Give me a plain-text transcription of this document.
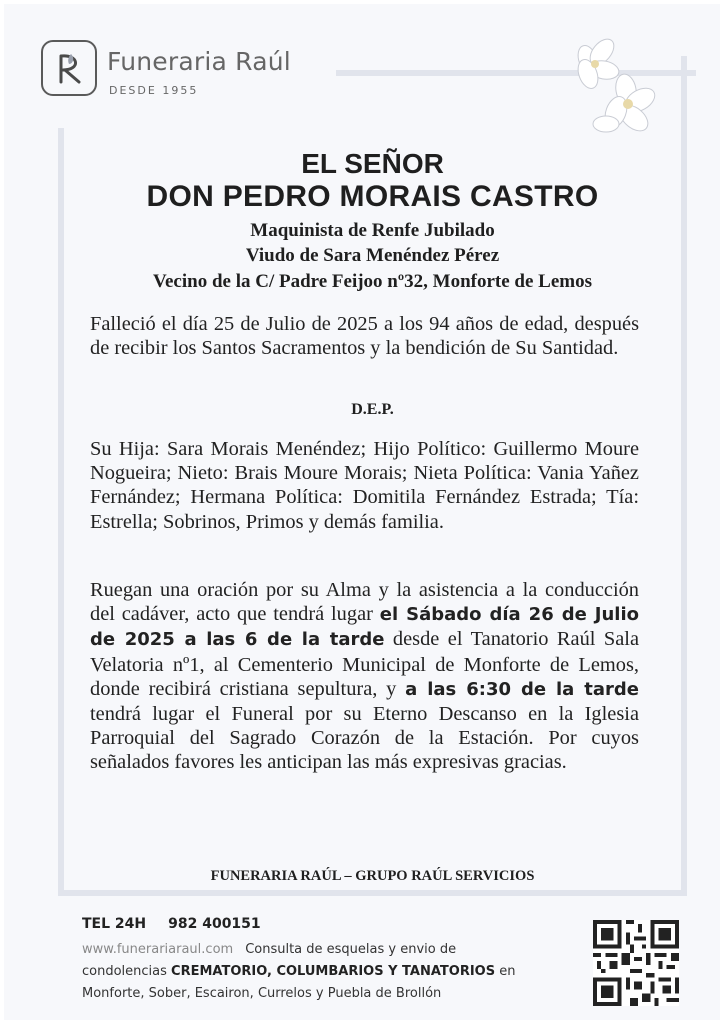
Funeraria Raúl
DESDE 1955
EL SEÑOR
DON PEDRO MORAIS CASTRO
Maquinista de Renfe Jubilado
Viudo de Sara Menéndez Pérez
Vecino de la C/ Padre Feijoo nº32, Monforte de Lemos
Falleció el día 25 de Julio de 2025 a los 94 años de edad, después de recibir los Santos Sacramentos y la bendición de Su Santidad.
D.E.P.
Su Hija: Sara Morais Menéndez; Hijo Político: Guillermo Moure Nogueira; Nieto: Brais Moure Morais; Nieta Política: Vania Yañez Fernández; Hermana Política: Domitila Fernández Estrada; Tía: Estrella; Sobrinos, Primos y demás familia.
Ruegan una oración por su Alma y la asistencia a la conducción del cadáver, acto que tendrá lugar el Sábado día 26 de Julio de 2025 a las 6 de la tarde desde el Tanatorio Raúl Sala Velatoria nº1, al Cementerio Municipal de Monforte de Lemos, donde recibirá cristiana sepultura, y a las 6:30 de la tarde tendrá lugar el Funeral por su Eterno Descanso en la Iglesia Parroquial del Sagrado Corazón de la Estación. Por cuyos señalados favores les anticipan las más expresivas gracias.
FUNERARIA RAÚL – GRUPO RAÚL SERVICIOS
TEL 24H 982 400151
www.funerariaraul.com Consulta de esquelas y envio de
condolencias CREMATORIO, COLUMBARIOS Y TANATORIOS en
Monforte, Sober, Escairon, Currelos y Puebla de Brollón
